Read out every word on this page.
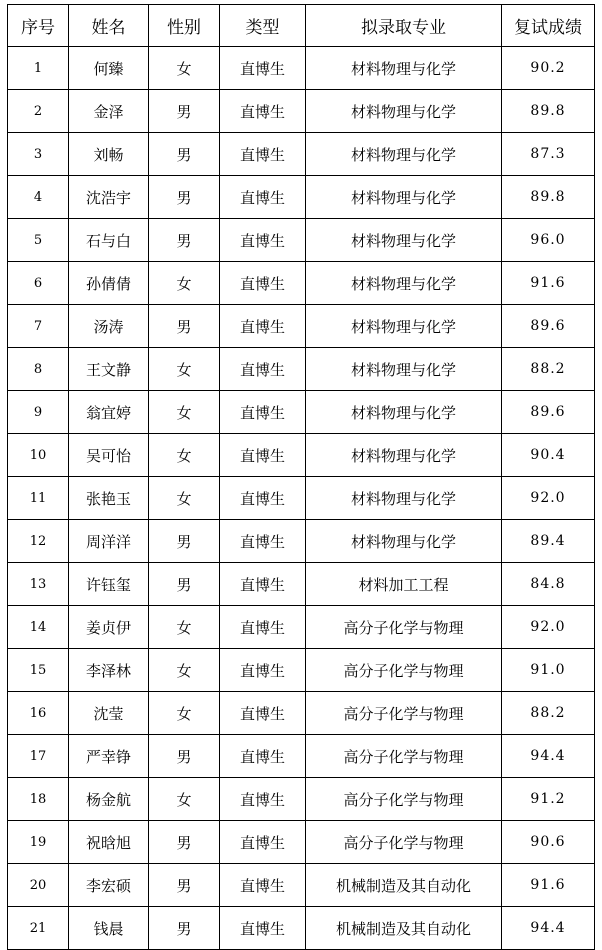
序号	姓名	性别	类型	拟录取专业	复试成绩
1	何臻	女	直博生	材料物理与化学	90.2
2	金泽	男	直博生	材料物理与化学	89.8
3	刘畅	男	直博生	材料物理与化学	87.3
4	沈浩宇	男	直博生	材料物理与化学	89.8
5	石与白	男	直博生	材料物理与化学	96.0
6	孙倩倩	女	直博生	材料物理与化学	91.6
7	汤涛	男	直博生	材料物理与化学	89.6
8	王文静	女	直博生	材料物理与化学	88.2
9	翁宜婷	女	直博生	材料物理与化学	89.6
10	吴可怡	女	直博生	材料物理与化学	90.4
11	张艳玉	女	直博生	材料物理与化学	92.0
12	周洋洋	男	直博生	材料物理与化学	89.4
13	许钰玺	男	直博生	材料加工工程	84.8
14	姜贞伊	女	直博生	高分子化学与物理	92.0
15	李泽林	女	直博生	高分子化学与物理	91.0
16	沈莹	女	直博生	高分子化学与物理	88.2
17	严幸铮	男	直博生	高分子化学与物理	94.4
18	杨金航	女	直博生	高分子化学与物理	91.2
19	祝晗旭	男	直博生	高分子化学与物理	90.6
20	李宏硕	男	直博生	机械制造及其自动化	91.6
21	钱晨	男	直博生	机械制造及其自动化	94.4
